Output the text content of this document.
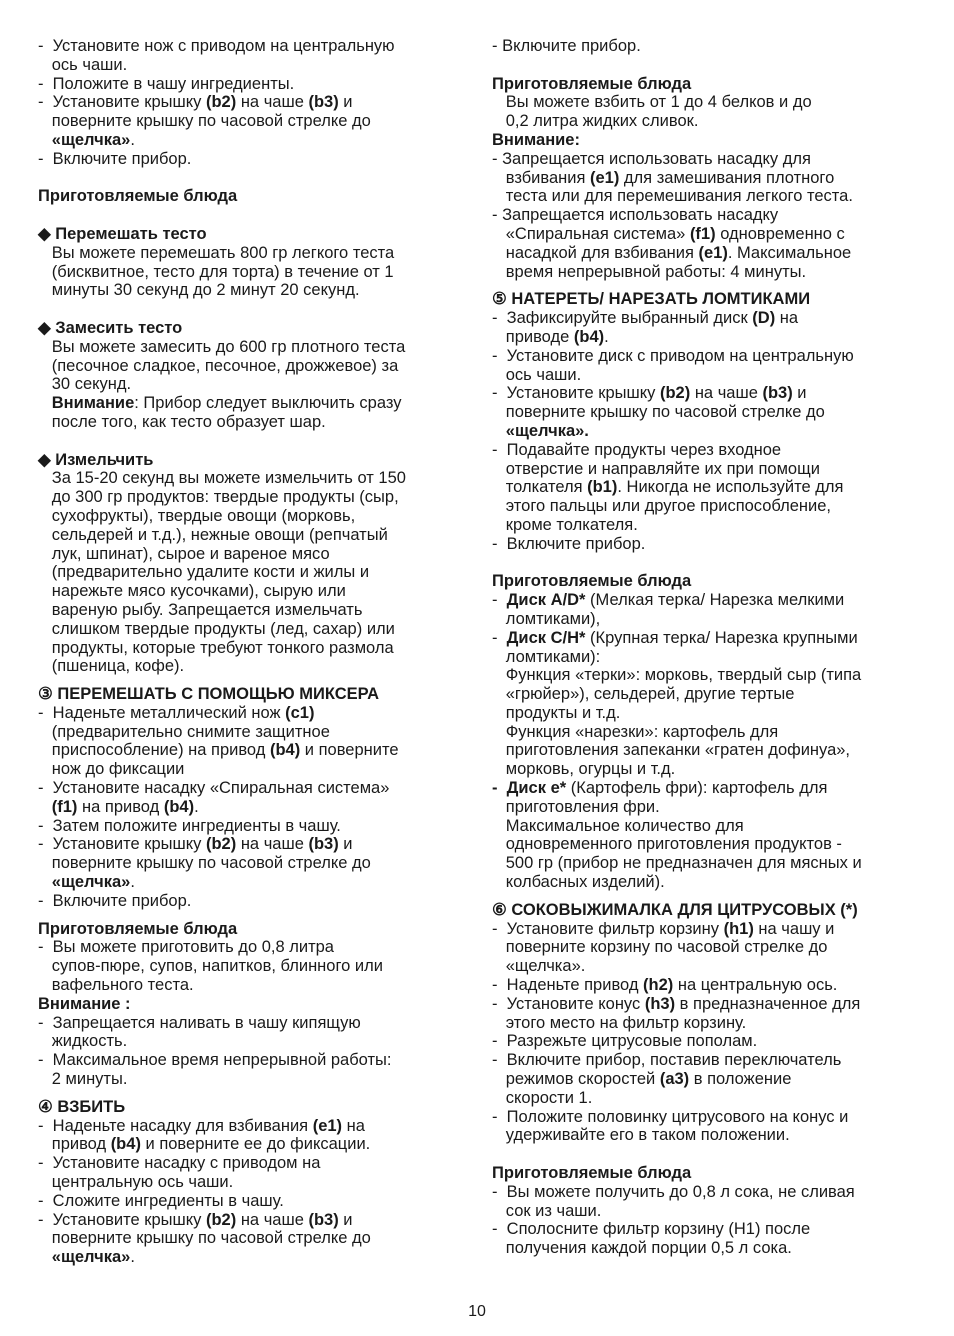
-  Установите нож с приводом на центральную
ось чаши.
-  Положите в чашу ингредиенты.
-  Установите крышку (b2) на чаше (b3) и
поверните крышку по часовой стрелке до
«щелчка».
-  Включите прибор.
Приготовляемые блюда
◆ Перемешать тесто
Вы можете перемешать 800 гр легкого теста
(бисквитное, тесто для торта) в течение от 1
минуты 30 секунд до 2 минут 20 секунд.
◆ Замесить тесто
Вы можете замесить до 600 гр плотного теста
(песочное сладкое, песочное, дрожжевое) за
30 секунд.
Внимание: Прибор следует выключить сразу
после того, как тесто образует шар.
◆ Измельчить
За 15-20 секунд вы можете измельчить от 150
до 300 гр продуктов: твердые продукты (сыр,
сухофрукты), твердые овощи (морковь,
сельдерей и т.д.), нежные овощи (репчатый
лук, шпинат), сырое и вареное мясо
(предварительно удалите кости и жилы и
нарежьте мясо кусочками), сырую или
вареную рыбу. Запрещается измельчать
слишком твердые продукты (лед, сахар) или
продукты, которые требуют тонкого размола
(пшеница, кофе).
③ ПЕРЕМЕШАТЬ С ПОМОЩЬЮ МИКСЕРА
-  Наденьте металлический нож (c1)
(предварительно снимите защитное
приспособление) на привод (b4) и поверните
нож до фиксации
-  Установите насадку «Спиральная система»
(f1) на привод (b4).
-  Затем положите ингредиенты в чашу.
-  Установите крышку (b2) на чаше (b3) и
поверните крышку по часовой стрелке до
«щелчка».
-  Включите прибор.
Приготовляемые блюда
-  Вы можете приготовить до 0,8 литра
супов-пюре, супов, напитков, блинного или
вафельного теста.
Внимание :
-  Запрещается наливать в чашу кипящую
жидкость.
-  Максимальное время непрерывной работы:
2 минуты.
④ ВЗБИТЬ
-  Наденьте насадку для взбивания (e1) на
привод (b4) и поверните ее до фиксации.
-  Установите насадку с приводом на
центральную ось чаши.
-  Сложите ингредиенты в чашу.
-  Установите крышку (b2) на чаше (b3) и
поверните крышку по часовой стрелке до
«щелчка».
- Включите прибор.
Приготовляемые блюда
Вы можете взбить от 1 до 4 белков и до
0,2 литра жидких сливок.
Внимание:
- Запрещается использовать насадку для
взбивания (e1) для замешивания плотного
теста или для перемешивания легкого теста.
- Запрещается использовать насадку
«Спиральная система» (f1) одновременно с
насадкой для взбивания (e1). Максимальное
время непрерывной работы: 4 минуты.
⑤ НАТЕРЕТЬ/ НАРЕЗАТЬ ЛОМТИКАМИ
-  Зафиксируйте выбранный диск (D) на
приводе (b4).
-  Установите диск с приводом на центральную
ось чаши.
-  Установите крышку (b2) на чаше (b3) и
поверните крышку по часовой стрелке до
«щелчка».
-  Подавайте продукты через входное
отверстие и направляйте их при помощи
толкателя (b1). Никогда не используйте для
этого пальцы или другое приспособление,
кроме толкателя.
-  Включите прибор.
Приготовляемые блюда
-  Диск A/D* (Мелкая терка/ Нарезка мелкими
ломтиками),
-  Диск C/H* (Крупная терка/ Нарезка крупными
ломтиками):
Функция «терки»: морковь, твердый сыр (типа
«грюйер»), сельдерей, другие тертые
продукты и т.д.
Функция «нарезки»: картофель для
приготовления запеканки «гратен дофинуа»,
морковь, огурцы и т.д.
-  Диск e* (Картофель фри): картофель для
приготовления фри.
Максимальное количество для
одновременного приготовления продуктов -
500 гр (прибор не предназначен для мясных и
колбасных изделий).
⑥ СОКОВЫЖИМАЛКА ДЛЯ ЦИТРУСОВЫХ (*)
-  Установите фильтр корзину (h1) на чашу и
поверните корзину по часовой стрелке до
«щелчка».
-  Наденьте привод (h2) на центральную ось.
-  Установите конус (h3) в предназначенное для
этого место на фильтр корзину.
-  Разрежьте цитрусовые пополам.
-  Включите прибор, поставив переключатель
режимов скоростей (a3) в положение
скорости 1.
-  Положите половинку цитрусового на конус и
удерживайте его в таком положении.
Приготовляемые блюда
-  Вы можете получить до 0,8 л сока, не сливая
сок из чаши.
-  Сполосните фильтр корзину (H1) после
получения каждой порции 0,5 л сока.
10
